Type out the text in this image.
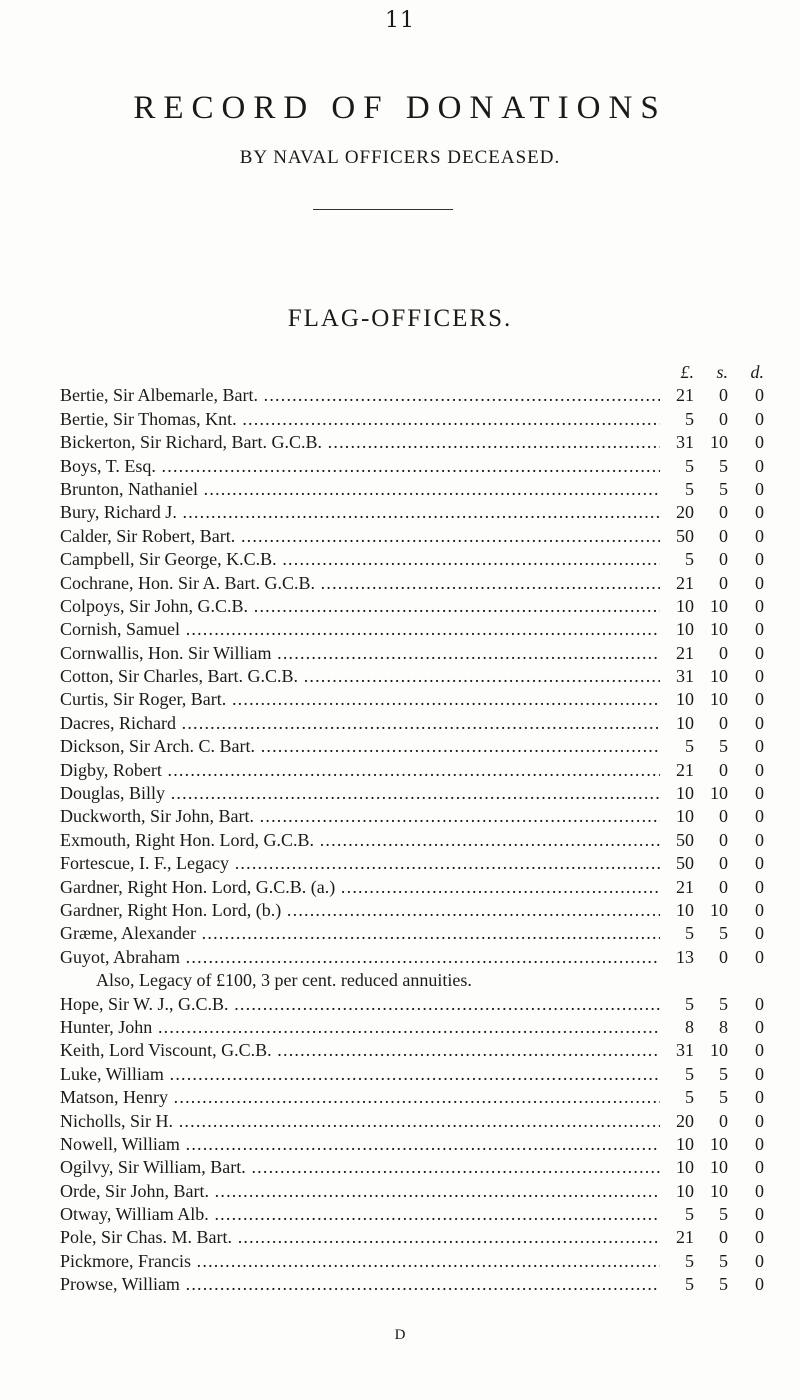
11
RECORD OF DONATIONS
BY NAVAL OFFICERS DECEASED.
FLAG-OFFICERS.
£.	s.	d.
Bertie, Sir Albemarle, Bart. .....	21	0	0
Bertie, Sir Thomas, Knt. .....	5	0	0
Bickerton, Sir Richard, Bart. G.C.B. .....	31 10	0
Boys, T. Esq. .....	5	5	0
Brunton, Nathaniel .....	5	5	0
Bury, Richard J. .....	20	0	0
Calder, Sir Robert, Bart. .....	50	0	0
Campbell, Sir George, K.C.B. .....	5	0	0
Cochrane, Hon. Sir A. Bart. G.C.B. .....	21	0	0
Colpoys, Sir John, G.C.B. .....	10 10	0
Cornish, Samuel .....	10 10	0
Cornwallis, Hon. Sir William .....	21	0	0
Cotton, Sir Charles, Bart. G.C.B. .....	31 10	0
Curtis, Sir Roger, Bart. .....	10 10	0
Dacres, Richard .....	10	0	0
Dickson, Sir Arch. C. Bart. .....	5	5	0
Digby, Robert .....	21	0	0
Douglas, Billy .....	10 10	0
Duckworth, Sir John, Bart. .....	10	0	0
Exmouth, Right Hon. Lord, G.C.B. .....	50	0	0
Fortescue, I. F., Legacy .....	50	0	0
Gardner, Right Hon. Lord, G.C.B. (a.) .....	21	0	0
Gardner, Right Hon. Lord, (b.) .....	10 10	0
Græme, Alexander .....	5	5	0
Guyot, Abraham .....	13	0	0
Also, Legacy of £100, 3 per cent. reduced annuities.
Hope, Sir W. J., G.C.B. .....	5	5	0
Hunter, John .....	8	8	0
Keith, Lord Viscount, G.C.B. .....	31 10	0
Luke, William .....	5	5	0
Matson, Henry .....	5	5	0
Nicholls, Sir H. .....	20	0	0
Nowell, William .....	10 10	0
Ogilvy, Sir William, Bart. .....	10 10	0
Orde, Sir John, Bart. .....	10 10	0
Otway, William Alb. .....	5	5	0
Pole, Sir Chas. M. Bart. .....	21	0	0
Pickmore, Francis .....	5	5	0
Prowse, William .....	5	5	0
D
